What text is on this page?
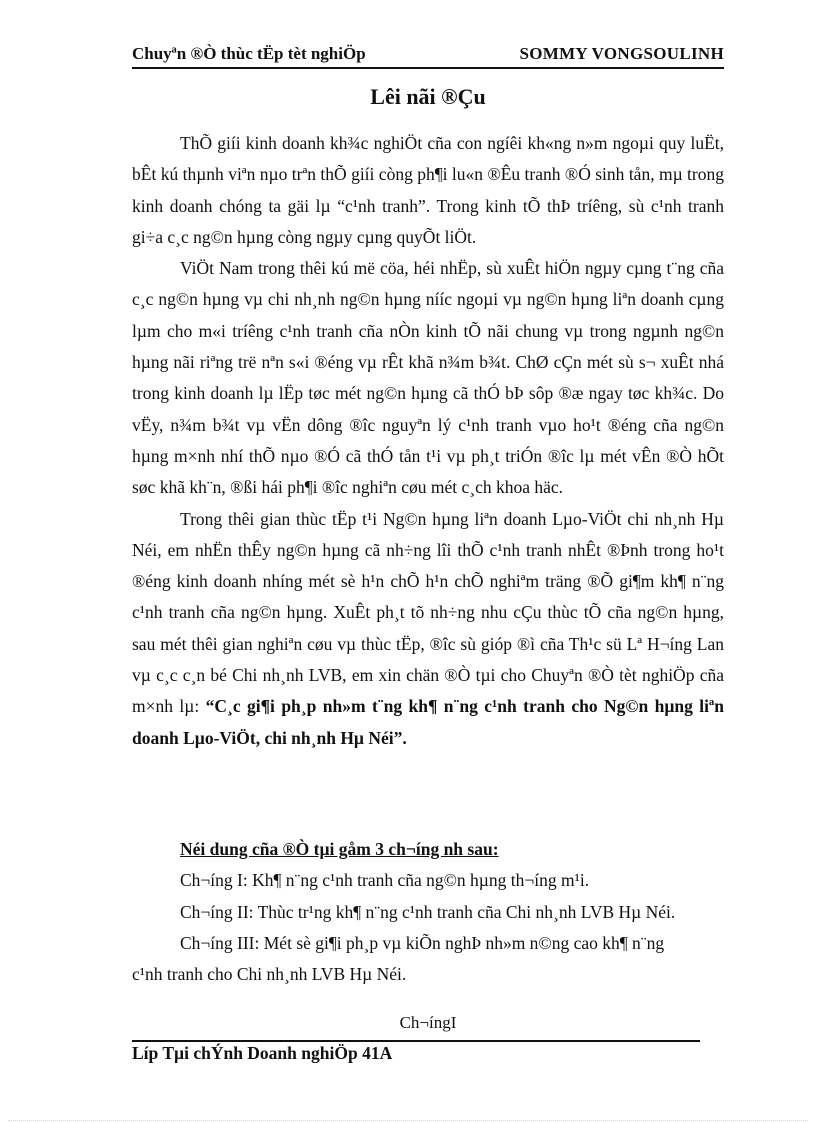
Chuyªn ®Ò thùc tËp tèt nghiÖp	SOMMY VONGSOULINH
Lêi nãi ®Çu

ThÕ giíi kinh doanh kh¾c nghiÖt cña con ngíêi kh«ng n»m ngoµi quy luËt, bÊt kú thµnh viªn nµo trªn thÕ giíi còng ph¶i lu«n ®Êu tranh ®Ó sinh tån, mµ trong kinh doanh chóng ta gäi lµ “c¹nh tranh”. Trong kinh tÕ thÞ tríêng, sù c¹nh tranh gi÷a c¸c ng©n hµng còng ngµy cµng quyÕt liÖt.

ViÖt Nam trong thêi kú më cöa, héi nhËp, sù xuÊt hiÖn ngµy cµng t¨ng cña c¸c ng©n hµng vµ chi nh¸nh ng©n hµng nííc ngoµi vµ ng©n hµng liªn doanh cµng lµm cho m«i tríêng c¹nh tranh cña nÒn kinh tÕ nãi chung vµ trong ngµnh ng©n hµng nãi riªng trë nªn s«i ®éng vµ rÊt khã n¾m b¾t. ChØ cÇn mét sù s¬ xuÊt nhá trong kinh doanh lµ lËp tøc mét ng©n hµng cã thÓ bÞ sôp ®æ ngay tøc kh¾c. Do vËy, n¾m b¾t vµ vËn dông ®îc nguyªn lý c¹nh tranh vµo ho¹t ®éng cña ng©n hµng m×nh nhí thÕ nµo ®Ó cã thÓ tån t¹i vµ ph¸t triÓn ®îc lµ mét vÊn ®Ò hÕt søc khã kh¨n, ®ßi hái ph¶i ®îc nghiªn cøu mét c¸ch khoa häc.

Trong thêi gian thùc tËp t¹i Ng©n hµng liªn doanh Lµo-ViÖt chi nh¸nh Hµ Néi, em nhËn thÊy ng©n hµng cã nh÷ng lîi thÕ c¹nh tranh nhÊt ®Þnh trong ho¹t ®éng kinh doanh nhíng mét sè h¹n chÕ h¹n chÕ nghiªm träng ®Õ gi¶m kh¶ n¨ng c¹nh tranh cña ng©n hµng. XuÊt ph¸t tõ nh÷ng nhu cÇu thùc tÕ cña ng©n hµng, sau mét thêi gian nghiªn cøu vµ thùc tËp, ®îc sù gióp ®ì cña Th¹c sü Lª H¬íng Lan vµ c¸c c¸n bé Chi nh¸nh LVB, em xin chän ®Ò tµi cho Chuyªn ®Ò tèt nghiÖp cña m×nh lµ: “C¸c gi¶i ph¸p nh»m t¨ng kh¶ n¨ng c¹nh tranh cho Ng©n hµng liªn doanh Lµo-ViÖt, chi nh¸nh Hµ Néi”.

Néi dung cña ®Ò tµi gåm 3 ch¬íng nh sau:

Ch¬íng I: Kh¶ n¨ng c¹nh tranh cña ng©n hµng th¬íng m¹i.

Ch¬íng II: Thùc tr¹ng kh¶ n¨ng c¹nh tranh cña Chi nh¸nh LVB Hµ Néi.

Ch¬íng III: Mét sè gi¶i ph¸p vµ kiÕn nghÞ nh»m n©ng cao kh¶ n¨ng

c¹nh tranh cho Chi nh¸nh LVB Hµ Néi.

Ch¬íngI
Líp Tµi chÝnh Doanh nghiÖp 41A
